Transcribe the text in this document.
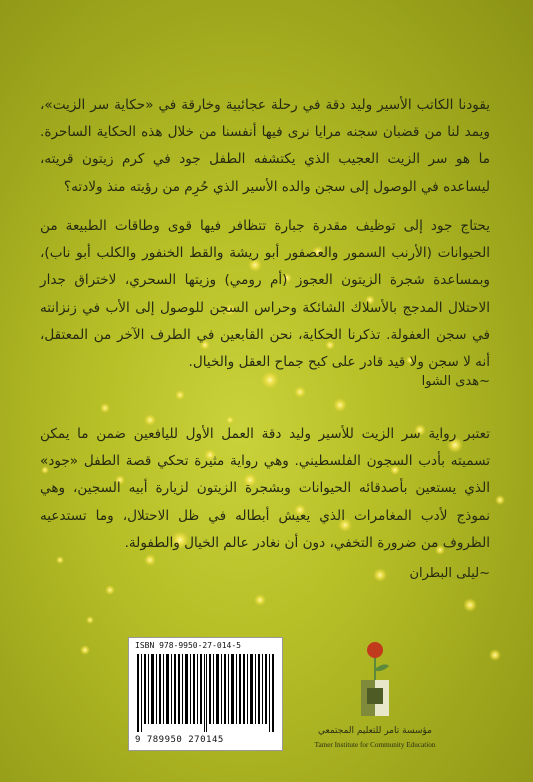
يقودنا الكاتب الأسير وليد دقة في رحلة عجائبية وخارقة في «حكاية سر الزيت»، ويمد لنا من قضبان سجنه مرايا نرى فيها أنفسنا من خلال هذه الحكاية الساحرة. ما هو سر الزيت العجيب الذي يكتشفه الطفل جود في كرم زيتون قريته، ليساعده في الوصول إلى سجن والده الأسير الذي حُرِم من رؤيته منذ ولادته؟

يحتاج جود إلى توظيف مقدرة جبارة تتظافر فيها قوى وطاقات الطبيعة من الحيوانات (الأرنب السمور والعصفور أبو ريشة والقط الخنفور والكلب أبو ناب)، وبمساعدة شجرة الزيتون العجوز (أم رومي) وزيتها السحري، لاختراق جدار الاحتلال المدجج بالأسلاك الشائكة وحراس السجن للوصول إلى الأب في زنزانته في سجن العفولة. تذكرنا الحكاية، نحن القابعين في الطرف الآخر من المعتقل، أنه لا سجن ولا قيد قادر على كبح جماح العقل والخيال.

~هدى الشوا

تعتبر رواية سر الزيت للأسير وليد دقة العمل الأول لليافعين ضمن ما يمكن تسميته بأدب السجون الفلسطيني. وهي رواية مثيرة تحكي قصة الطفل «جود» الذي يستعين بأصدقائه الحيوانات وبشجرة الزيتون لزيارة أبيه السجين، وهي نموذج لأدب المغامرات الذي يعيش أبطاله في ظل الاحتلال، وما تستدعيه الظروف من ضرورة التخفي، دون أن نغادر عالم الخيال والطفولة.

~ليلى البطران
ISBN 978-9950-27-014-5
9 789950 270145
مؤسسة تامر للتعليم المجتمعي
Tamer Institute for Community Education
